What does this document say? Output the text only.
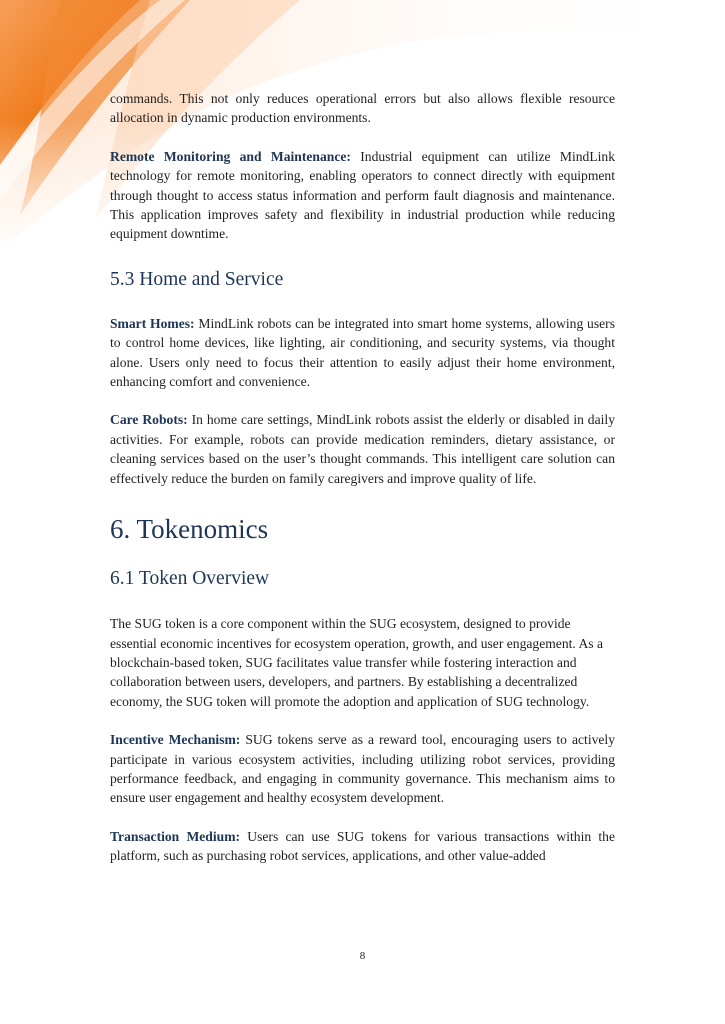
commands. This not only reduces operational errors but also allows flexible resource allocation in dynamic production environments.

Remote Monitoring and Maintenance: Industrial equipment can utilize MindLink technology for remote monitoring, enabling operators to connect directly with equipment through thought to access status information and perform fault diagnosis and maintenance. This application improves safety and flexibility in industrial production while reducing equipment downtime.

5.3 Home and Service

Smart Homes: MindLink robots can be integrated into smart home systems, allowing users to control home devices, like lighting, air conditioning, and security systems, via thought alone. Users only need to focus their attention to easily adjust their home environment, enhancing comfort and convenience.

Care Robots: In home care settings, MindLink robots assist the elderly or disabled in daily activities. For example, robots can provide medication reminders, dietary assistance, or cleaning services based on the user’s thought commands. This intelligent care solution can effectively reduce the burden on family caregivers and improve quality of life.

6. Tokenomics
6.1 Token Overview

The SUG token is a core component within the SUG ecosystem, designed to provide essential economic incentives for ecosystem operation, growth, and user engagement. As a blockchain-based token, SUG facilitates value transfer while fostering interaction and collaboration between users, developers, and partners. By establishing a decentralized economy, the SUG token will promote the adoption and application of SUG technology.

Incentive Mechanism: SUG tokens serve as a reward tool, encouraging users to actively participate in various ecosystem activities, including utilizing robot services, providing performance feedback, and engaging in community governance. This mechanism aims to ensure user engagement and healthy ecosystem development.

Transaction Medium: Users can use SUG tokens for various transactions within the platform, such as purchasing robot services, applications, and other value-added

8
